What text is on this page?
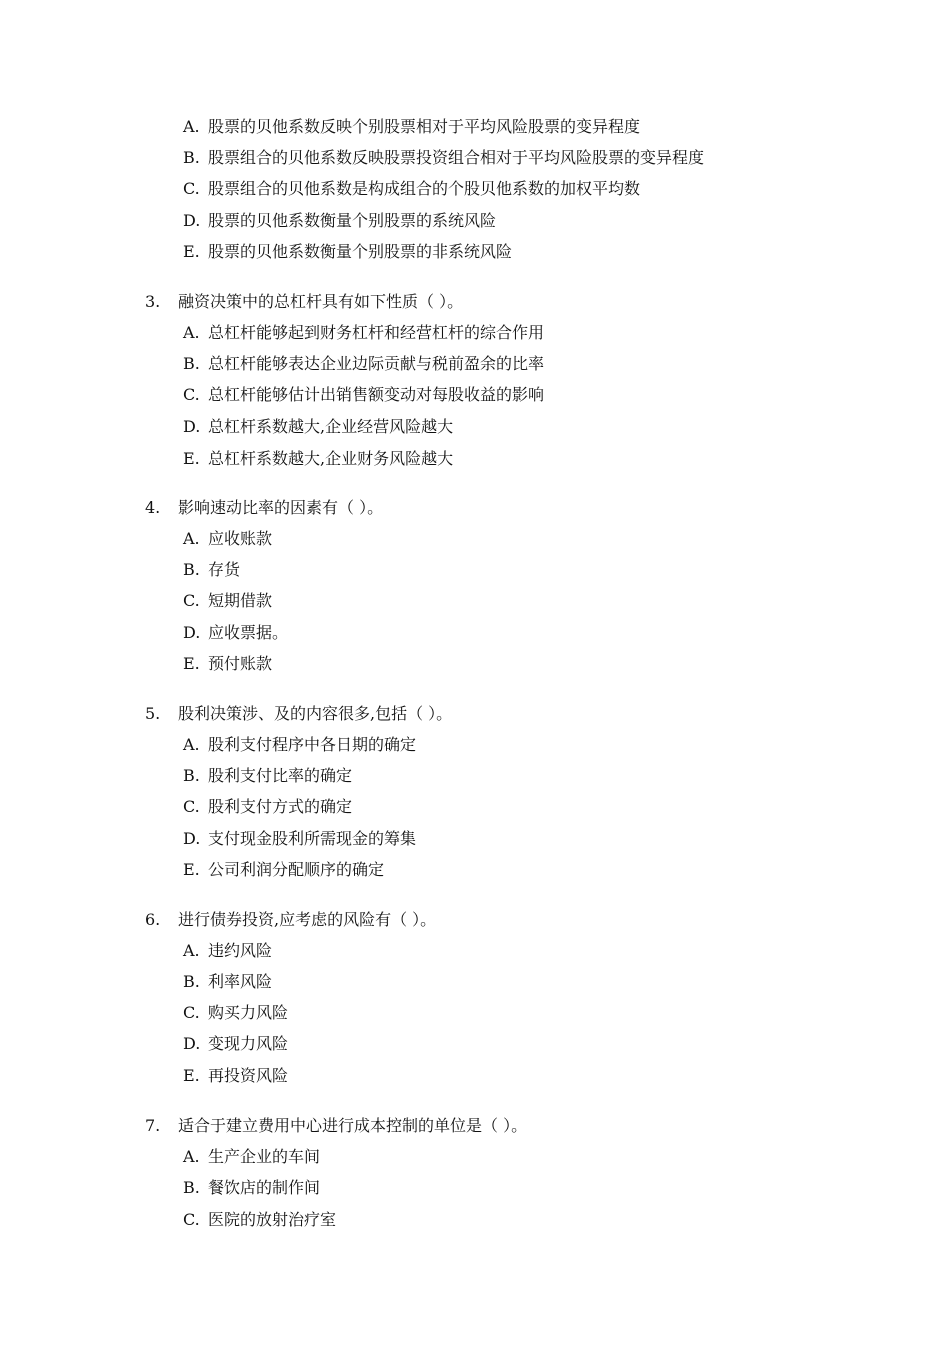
A. 股票的贝他系数反映个别股票相对于平均风险股票的变异程度
B. 股票组合的贝他系数反映股票投资组合相对于平均风险股票的变异程度
C. 股票组合的贝他系数是构成组合的个股贝他系数的加权平均数
D. 股票的贝他系数衡量个别股票的系统风险
E. 股票的贝他系数衡量个别股票的非系统风险
3. 融资决策中的总杠杆具有如下性质（ ）。
A. 总杠杆能够起到财务杠杆和经营杠杆的综合作用
B. 总杠杆能够表达企业边际贡献与税前盈余的比率
C. 总杠杆能够估计出销售额变动对每股收益的影响
D. 总杠杆系数越大,企业经营风险越大
E. 总杠杆系数越大,企业财务风险越大
4. 影响速动比率的因素有（ ）。
A. 应收账款
B. 存货
C. 短期借款
D. 应收票据。
E. 预付账款
5. 股利决策涉、及的内容很多,包括（ ）。
A. 股利支付程序中各日期的确定
B. 股利支付比率的确定
C. 股利支付方式的确定
D. 支付现金股利所需现金的筹集
E. 公司利润分配顺序的确定
6. 进行债券投资,应考虑的风险有（ ）。
A. 违约风险
B. 利率风险
C. 购买力风险
D. 变现力风险
E. 再投资风险
7. 适合于建立费用中心进行成本控制的单位是（ ）。
A. 生产企业的车间
B. 餐饮店的制作间
C. 医院的放射治疗室
